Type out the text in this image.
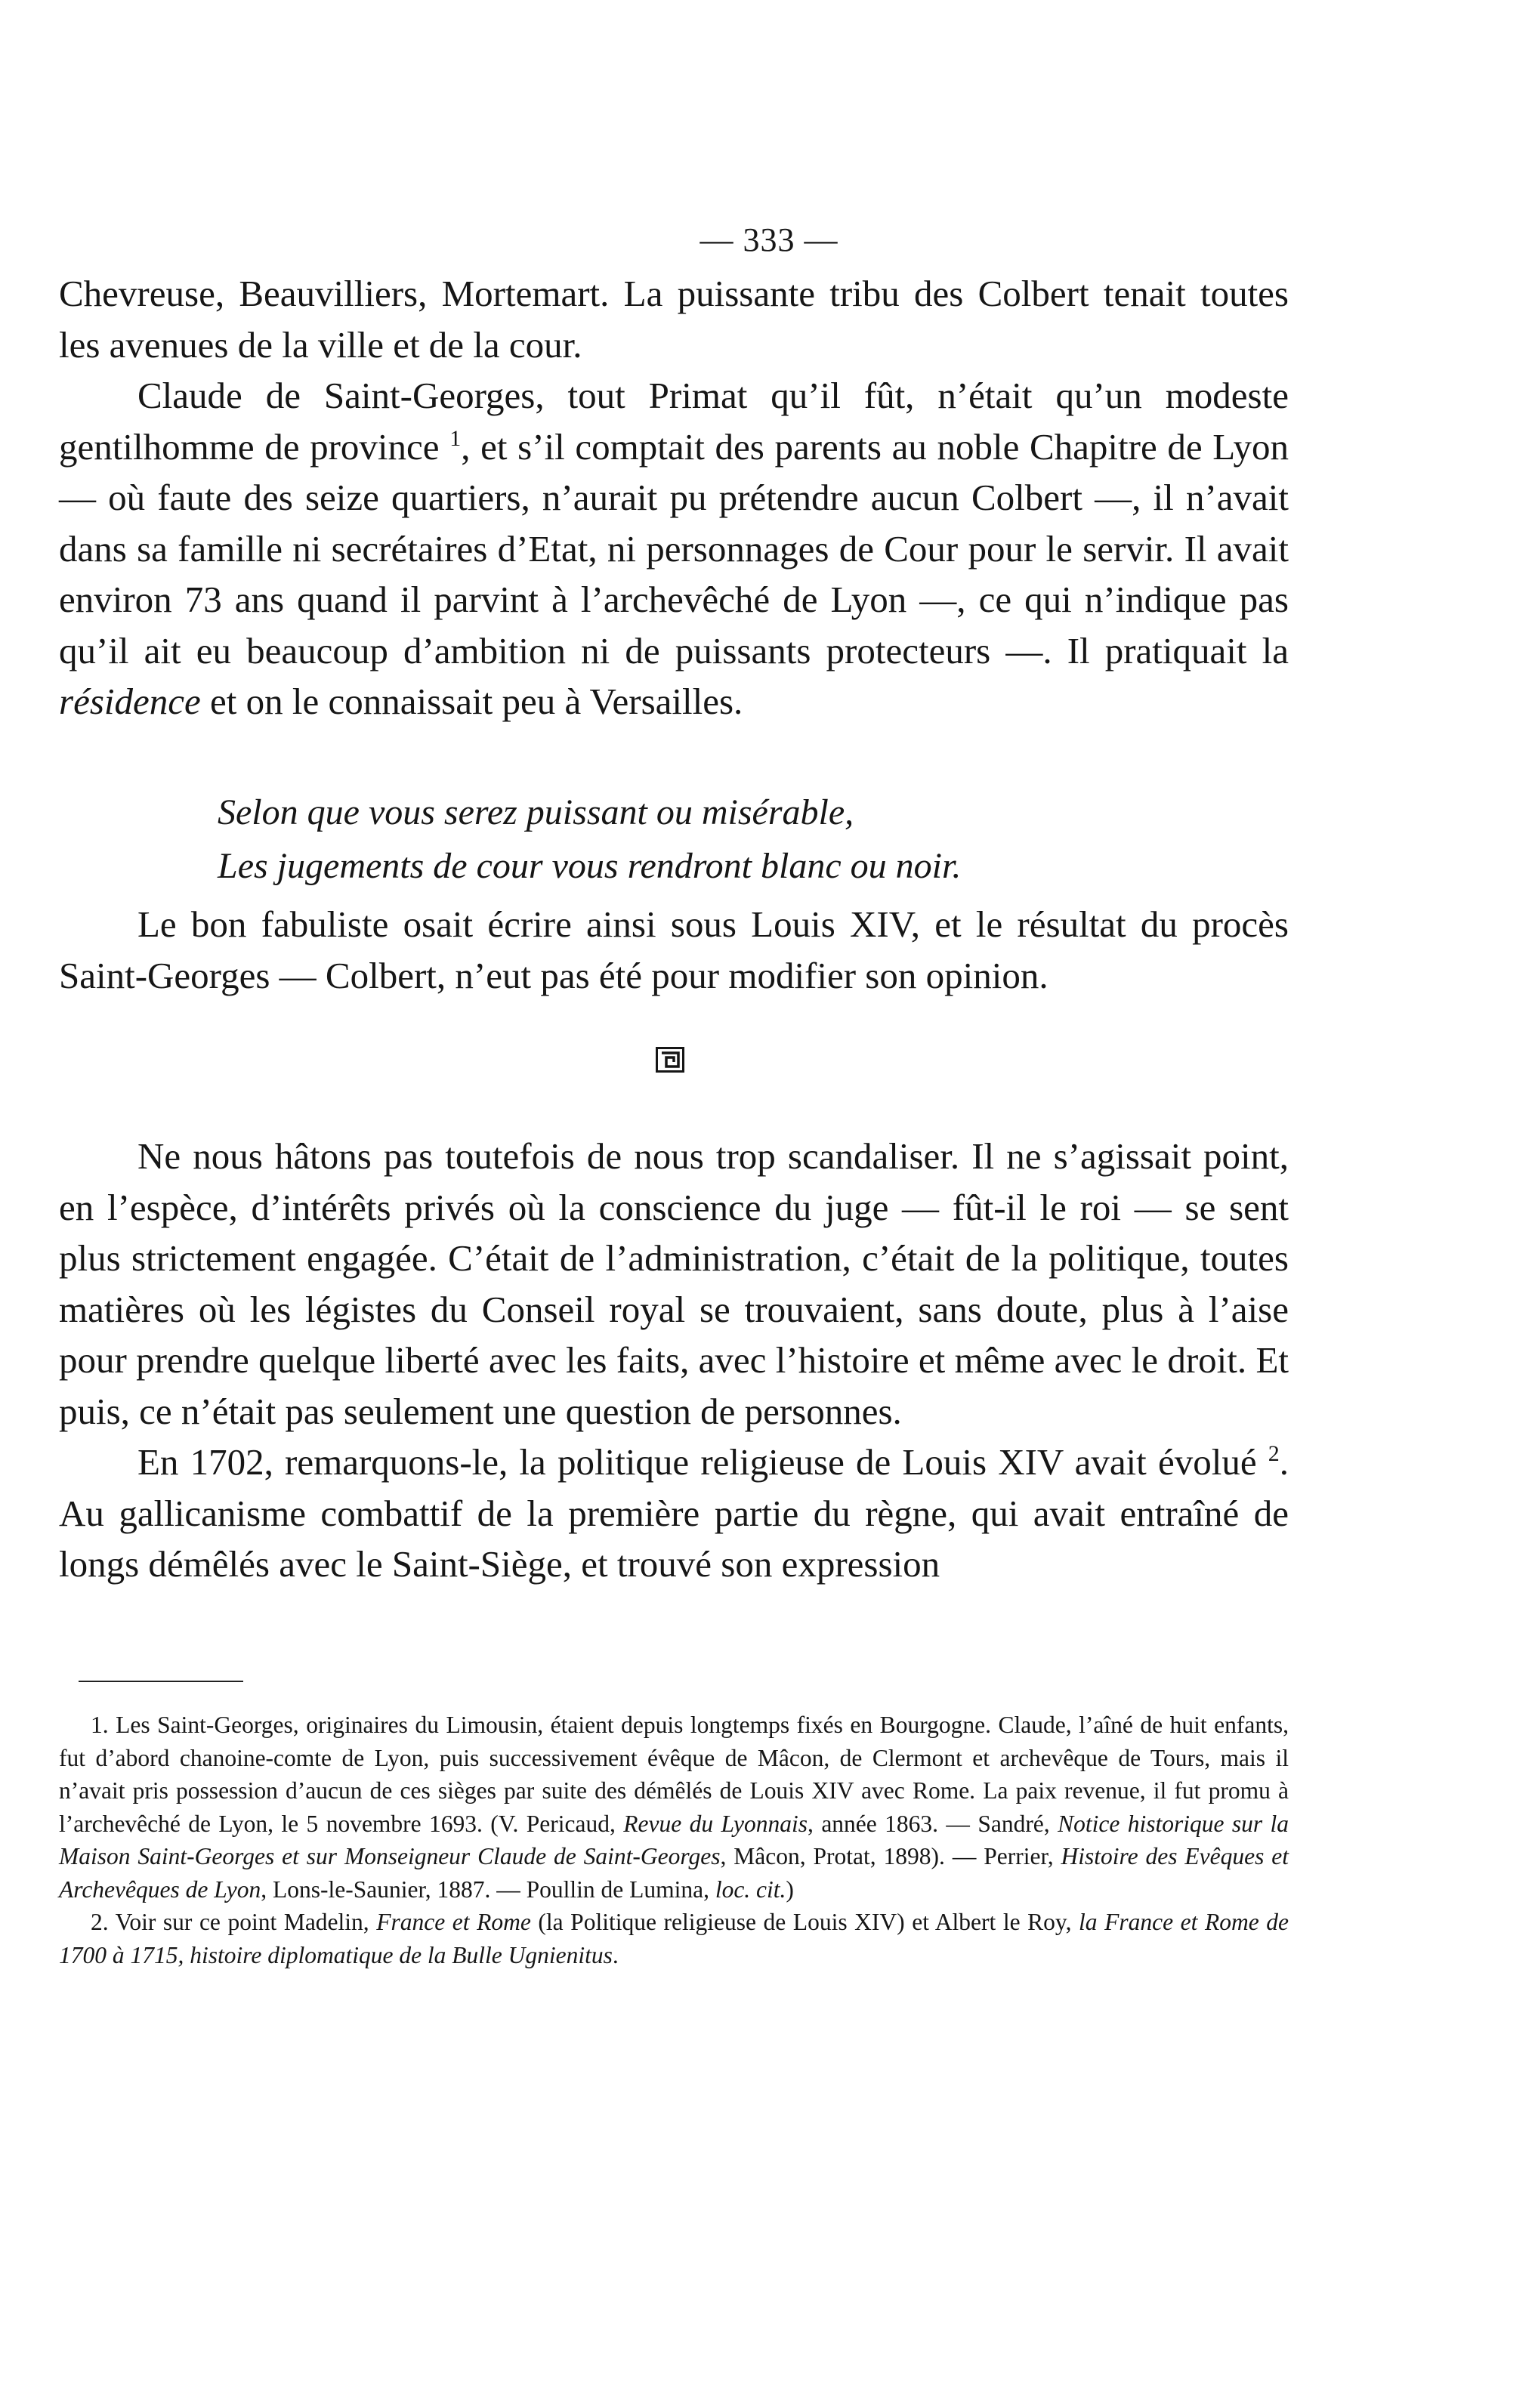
— 333 —

Chevreuse, Beauvilliers, Mortemart. La puissante tribu des Colbert tenait toutes les avenues de la ville et de la cour.

Claude de Saint-Georges, tout Primat qu’il fût, n’était qu’un modeste gentilhomme de province $^1$, et s’il comptait des parents au noble Chapitre de Lyon — où faute des seize quartiers, n’aurait pu prétendre aucun Colbert —, il n’avait dans sa famille ni secrétaires d’Etat, ni personnages de Cour pour le servir. Il avait environ 73 ans quand il parvint à l’archevêché de Lyon —, ce qui n’indique pas qu’il ait eu beaucoup d’ambition ni de puissants protecteurs —. Il pratiquait la résidence et on le connaissait peu à Versailles.

Selon que vous serez puissant ou misérable,
Les jugements de cour vous rendront blanc ou noir.

Le bon fabuliste osait écrire ainsi sous Louis XIV, et le résultat du procès Saint-Georges — Colbert, n’eut pas été pour modifier son opinion.

Ne nous hâtons pas toutefois de nous trop scandaliser. Il ne s’agissait point, en l’espèce, d’intérêts privés où la conscience du juge — fût-il le roi — se sent plus strictement engagée. C’était de l’administration, c’était de la politique, toutes matières où les légistes du Conseil royal se trouvaient, sans doute, plus à l’aise pour prendre quelque liberté avec les faits, avec l’histoire et même avec le droit. Et puis, ce n’était pas seulement une question de personnes.

En 1702, remarquons-le, la politique religieuse de Louis XIV avait évolué $^2$. Au gallicanisme combattif de la première partie du règne, qui avait entraîné de longs démêlés avec le Saint-Siège, et trouvé son expression

1. Les Saint-Georges, originaires du Limousin, étaient depuis longtemps fixés en Bourgogne. Claude, l’aîné de huit enfants, fut d’abord chanoine-comte de Lyon, puis successivement évêque de Mâcon, de Clermont et archevêque de Tours, mais il n’avait pris possession d’aucun de ces sièges par suite des démêlés de Louis XIV avec Rome. La paix revenue, il fut promu à l’archevêché de Lyon, le 5 novembre 1693. (V. Pericaud, Revue du Lyonnais, année 1863. — Sandré, Notice historique sur la Maison Saint-Georges et sur Monseigneur Claude de Saint-Georges, Mâcon, Protat, 1898). — Perrier, Histoire des Evêques et Archevêques de Lyon, Lons-le-Saunier, 1887. — Poullin de Lumina, loc. cit.)

2. Voir sur ce point Madelin, France et Rome (la Politique religieuse de Louis XIV) et Albert le Roy, la France et Rome de 1700 à 1715, histoire diplomatique de la Bulle Ugnienitus.
